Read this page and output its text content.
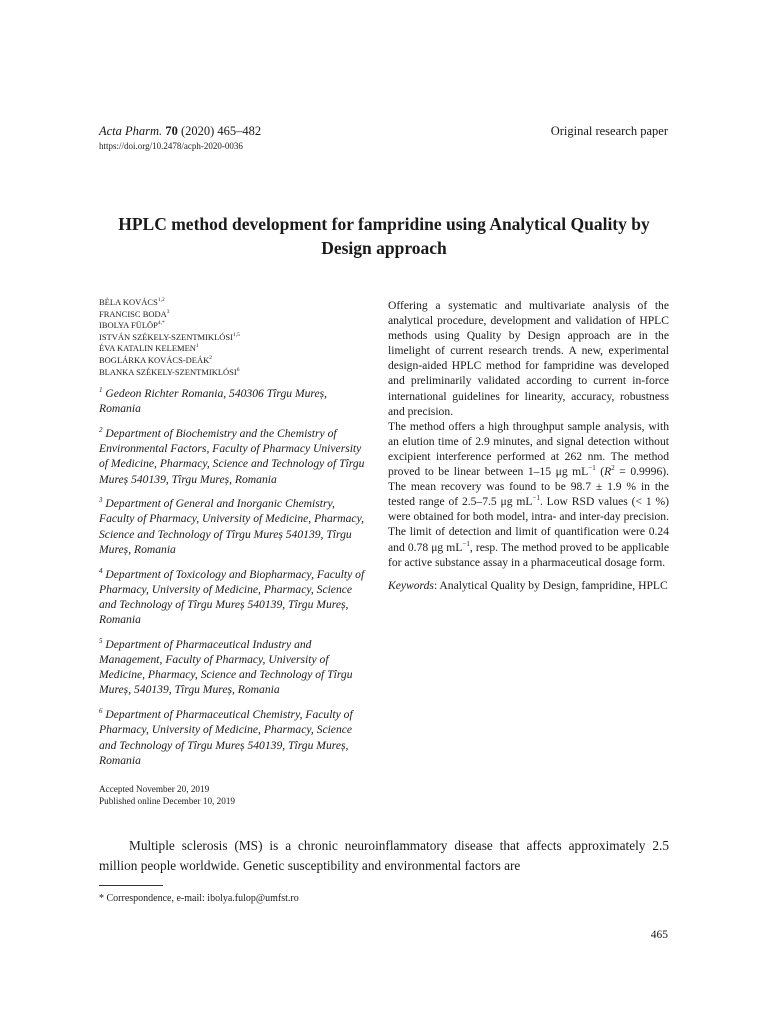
Acta Pharm. 70 (2020) 465–482
https://doi.org/10.2478/acph-2020-0036
Original research paper
HPLC method development for fampridine using Analytical Quality by Design approach
BÉLA KOVÁCS$^{1,2}$
FRANCISC BODA$^3$
IBOLYA $FÜLÖP^{4,*}$
ISTVÁN SZÉKELY-SZENTMIKLÓSI$^{1,5}$
ÉVA KATALIN KELEMEN$^1$
BOGLÁRKA KOVÁCS-DEÁK$^2$
BLANKA SZÉKELY-SZENTMIKLÓSI$^6$

$^1$ Gedeon Richter Romania, 540306 Tîrgu Mureș, Romania

$^2$ Department of Biochemistry and the Chemistry of Environmental Factors, Faculty of Pharmacy University of Medicine, Pharmacy, Science and Technology of Tîrgu Mureș 540139, Tîrgu Mureș, Romania

$^3$ Department of General and Inorganic Chemistry, Faculty of Pharmacy, University of Medicine, Pharmacy, Science and Technology of Tîrgu Mureș 540139, Tîrgu Mureș, Romania

$^4$ Department of Toxicology and Biopharmacy, Faculty of Pharmacy, University of Medicine, Pharmacy, Science and Technology of Tîrgu Mureș 540139, Tîrgu Mureș, Romania

$^5$ Department of Pharmaceutical Industry and Management, Faculty of Pharmacy, University of Medicine, Pharmacy, Science and Technology of Tîrgu Mureș, 540139, Tîrgu Mureș, Romania

$^6$ Department of Pharmaceutical Chemistry, Faculty of Pharmacy, University of Medicine, Pharmacy, Science and Technology of Tîrgu Mureș 540139, Tîrgu Mureș, Romania

Accepted November 20, 2019
Published online December 10, 2019

Offering a systematic and multivariate analysis of the analytical procedure, development and validation of HPLC methods using Quality by Design approach are in the limelight of current research trends. A new, experimental design-aided HPLC method for fampridine was developed and preliminarily validated according to current in-force international guidelines for linearity, accuracy, robustness and precision.

The method offers a high throughput sample analysis, with an elution time of 2.9 minutes, and signal detection without excipient interference performed at 262 nm. The method proved to be linear between 1–15 μg $mL^{-1}$ $(R^2 = 0.9996)$. The mean recovery was found to be 98.7 ± 1.9 % in the tested range of 2.5–7.5 μg $mL^{-1}$. Low RSD values (< 1 %) were obtained for both model, intra- and inter-day precision. The limit of detection and limit of quantification were 0.24 and 0.78 μg $mL^{-1}$, resp. The method proved to be applicable for active substance assay in a pharmaceutical dosage form.

Keywords: Analytical Quality by Design, fampridine, HPLC

Multiple sclerosis (MS) is a chronic neuroinflammatory disease that affects approximately 2.5 million people worldwide. Genetic susceptibility and environmental factors are
* Correspondence, e-mail: ibolya.fulop@umfst.ro
465
